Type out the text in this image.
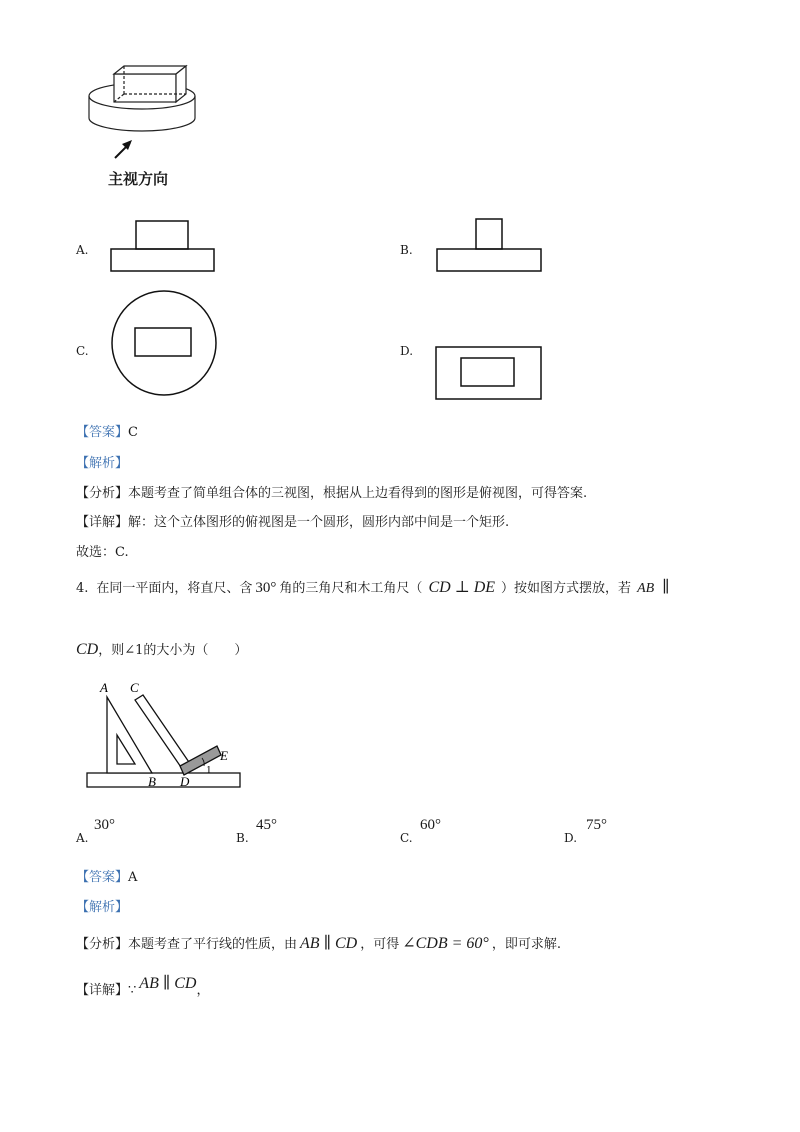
主视方向
A.	B.
C.	D.
【答案】C
【解析】
【分析】本题考查了简单组合体的三视图，根据从上边看得到的图形是俯视图，可得答案.
【详解】解：这个立体图形的俯视图是一个圆形，圆形内部中间是一个矩形.
故选：C.
4. 在同一平面内，将直尺、含 30° 角的三角尺和木工角尺（ CD ⊥ DE ）按如图方式摆放，若 AB ∥
CD ，则∠1的大小为（　　）
A C
E
1
B D
A.
30°
B.
45°
C.
60°
D.
75°
【答案】A
【解析】
【分析】 本题考查了平行线的性质，由 AB ∥ CD ，可得 ∠CDB = 60° ，即可求解.
【详解】 ∵ AB ∥ CD ，
